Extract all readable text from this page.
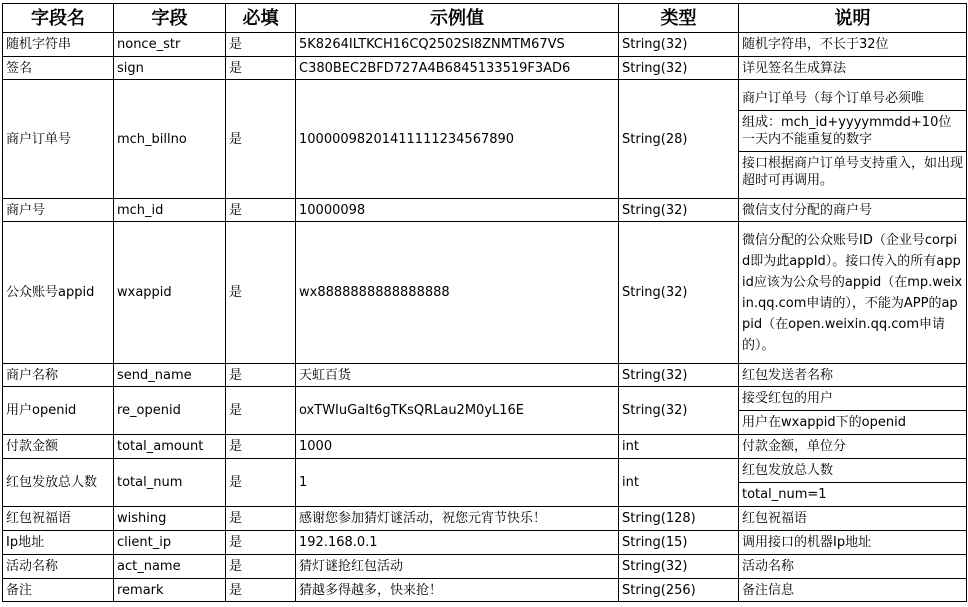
字段名	字段	必填	示例值	类型	说明
随机字符串	nonce_str	是	5K8264ILTKCH16CQ2502SI8ZNMTM67VS	String(32)	随机字符串，不长于32位
签名	sign	是	C380BEC2BFD727A4B6845133519F3AD6	String(32)	详见签名生成算法
商户订单号	mch_billno	是	10000098201411111234567890	String(28)	商户订单号（每个订单号必须唯
组成：mch_id+yyyymmdd+10位一天内不能重复的数字
接口根据商户订单号支持重入，如出现超时可再调用。

商户号	mch_id	是	10000098	String(32)	微信支付分配的商户号
公众账号appid	wxappid	是	wx8888888888888888	String(32)	微信分配的公众账号ID（企业号corpid即为此appId）。接口传入的所有appid应该为公众号的appid（在mp.weixin.qq.com申请的），不能为APP的appid（在open.weixin.qq.com申请的）。

商户名称	send_name	是	天虹百货	String(32)	红包发送者名称
用户openid	re_openid	是	oxTWIuGaIt6gTKsQRLau2M0yL16E	String(32)	接受红包的用户
用户在wxappid下的openid

付款金额	total_amount	是	1000	int	付款金额，单位分
红包发放总人数	total_num	是	1	int	红包发放总人数
total_num=1

红包祝福语	wishing	是	感谢您参加猜灯谜活动，祝您元宵节快乐！	String(128)	红包祝福语
Ip地址	client_ip	是	192.168.0.1	String(15)	调用接口的机器Ip地址
活动名称	act_name	是	猜灯谜抢红包活动	String(32)	活动名称
备注	remark	是	猜越多得越多，快来抢！	String(256)	备注信息
